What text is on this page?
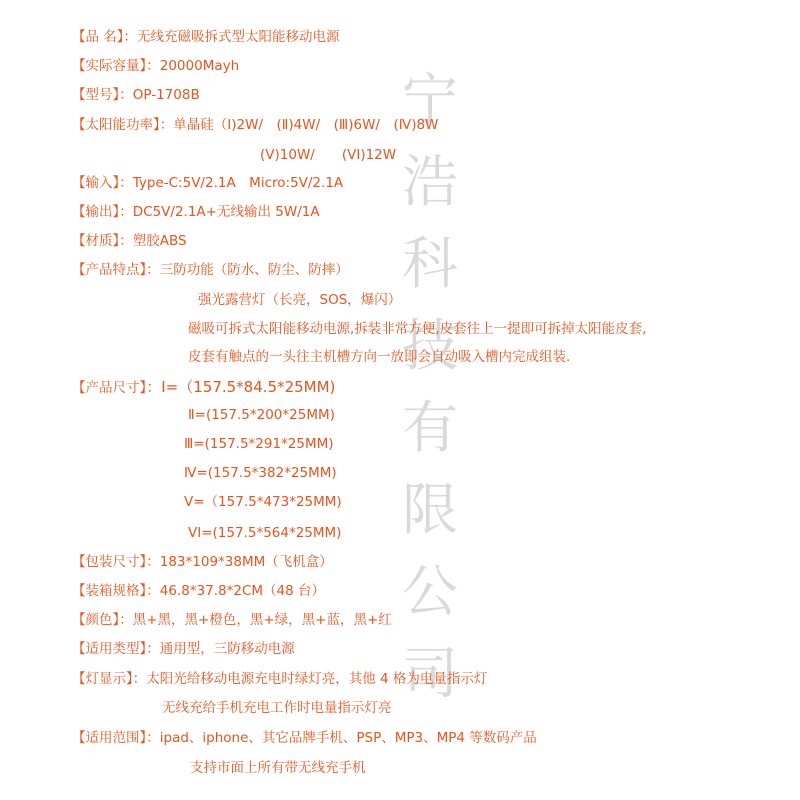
宁
浩
科
技
有
限
公
司
【品 名】：无线充磁吸拆式型太阳能移动电源
【实际容量】：20000Mayh
【型号】：OP-1708B
【太阳能功率】：单晶硅（Ⅰ)2W/　(Ⅱ)4W/　(Ⅲ)6W/　(Ⅳ)8W
(Ⅴ)10W/　　(ⅤⅠ)12W
【输入】：Type-C:5V/2.1A　Micro:5V/2.1A
【输出】：DC5V/2.1A+无线输出 5W/1A
【材质】：塑胶ABS
【产品特点】：三防功能（防水、防尘、防摔）
强光露营灯（长亮，SOS，爆闪）
磁吸可拆式太阳能移动电源,拆装非常方便,皮套往上一提即可拆掉太阳能皮套,
皮套有触点的一头往主机槽方向一放即会自动吸入槽内完成组装.
【产品尺寸】：Ⅰ=（157.5*84.5*25MM)
Ⅱ=(157.5*200*25MM)
Ⅲ=(157.5*291*25MM)
Ⅳ=(157.5*382*25MM)
Ⅴ=（157.5*473*25MM)
ⅤⅠ=(157.5*564*25MM)
【包装尺寸】：183*109*38MM（飞机盒）
【装箱规格】：46.8*37.8*2CM（48 台）
【颜色】：黑+黑，黑+橙色，黑+绿，黑+蓝，黑+红
【适用类型】：通用型，三防移动电源
【灯显示】：太阳光给移动电源充电时绿灯亮，其他 4 格为电量指示灯
无线充给手机充电工作时电量指示灯亮
【适用范围】：ipad、iphone、其它品牌手机、PSP、MP3、MP4 等数码产品
支持市面上所有带无线充手机
